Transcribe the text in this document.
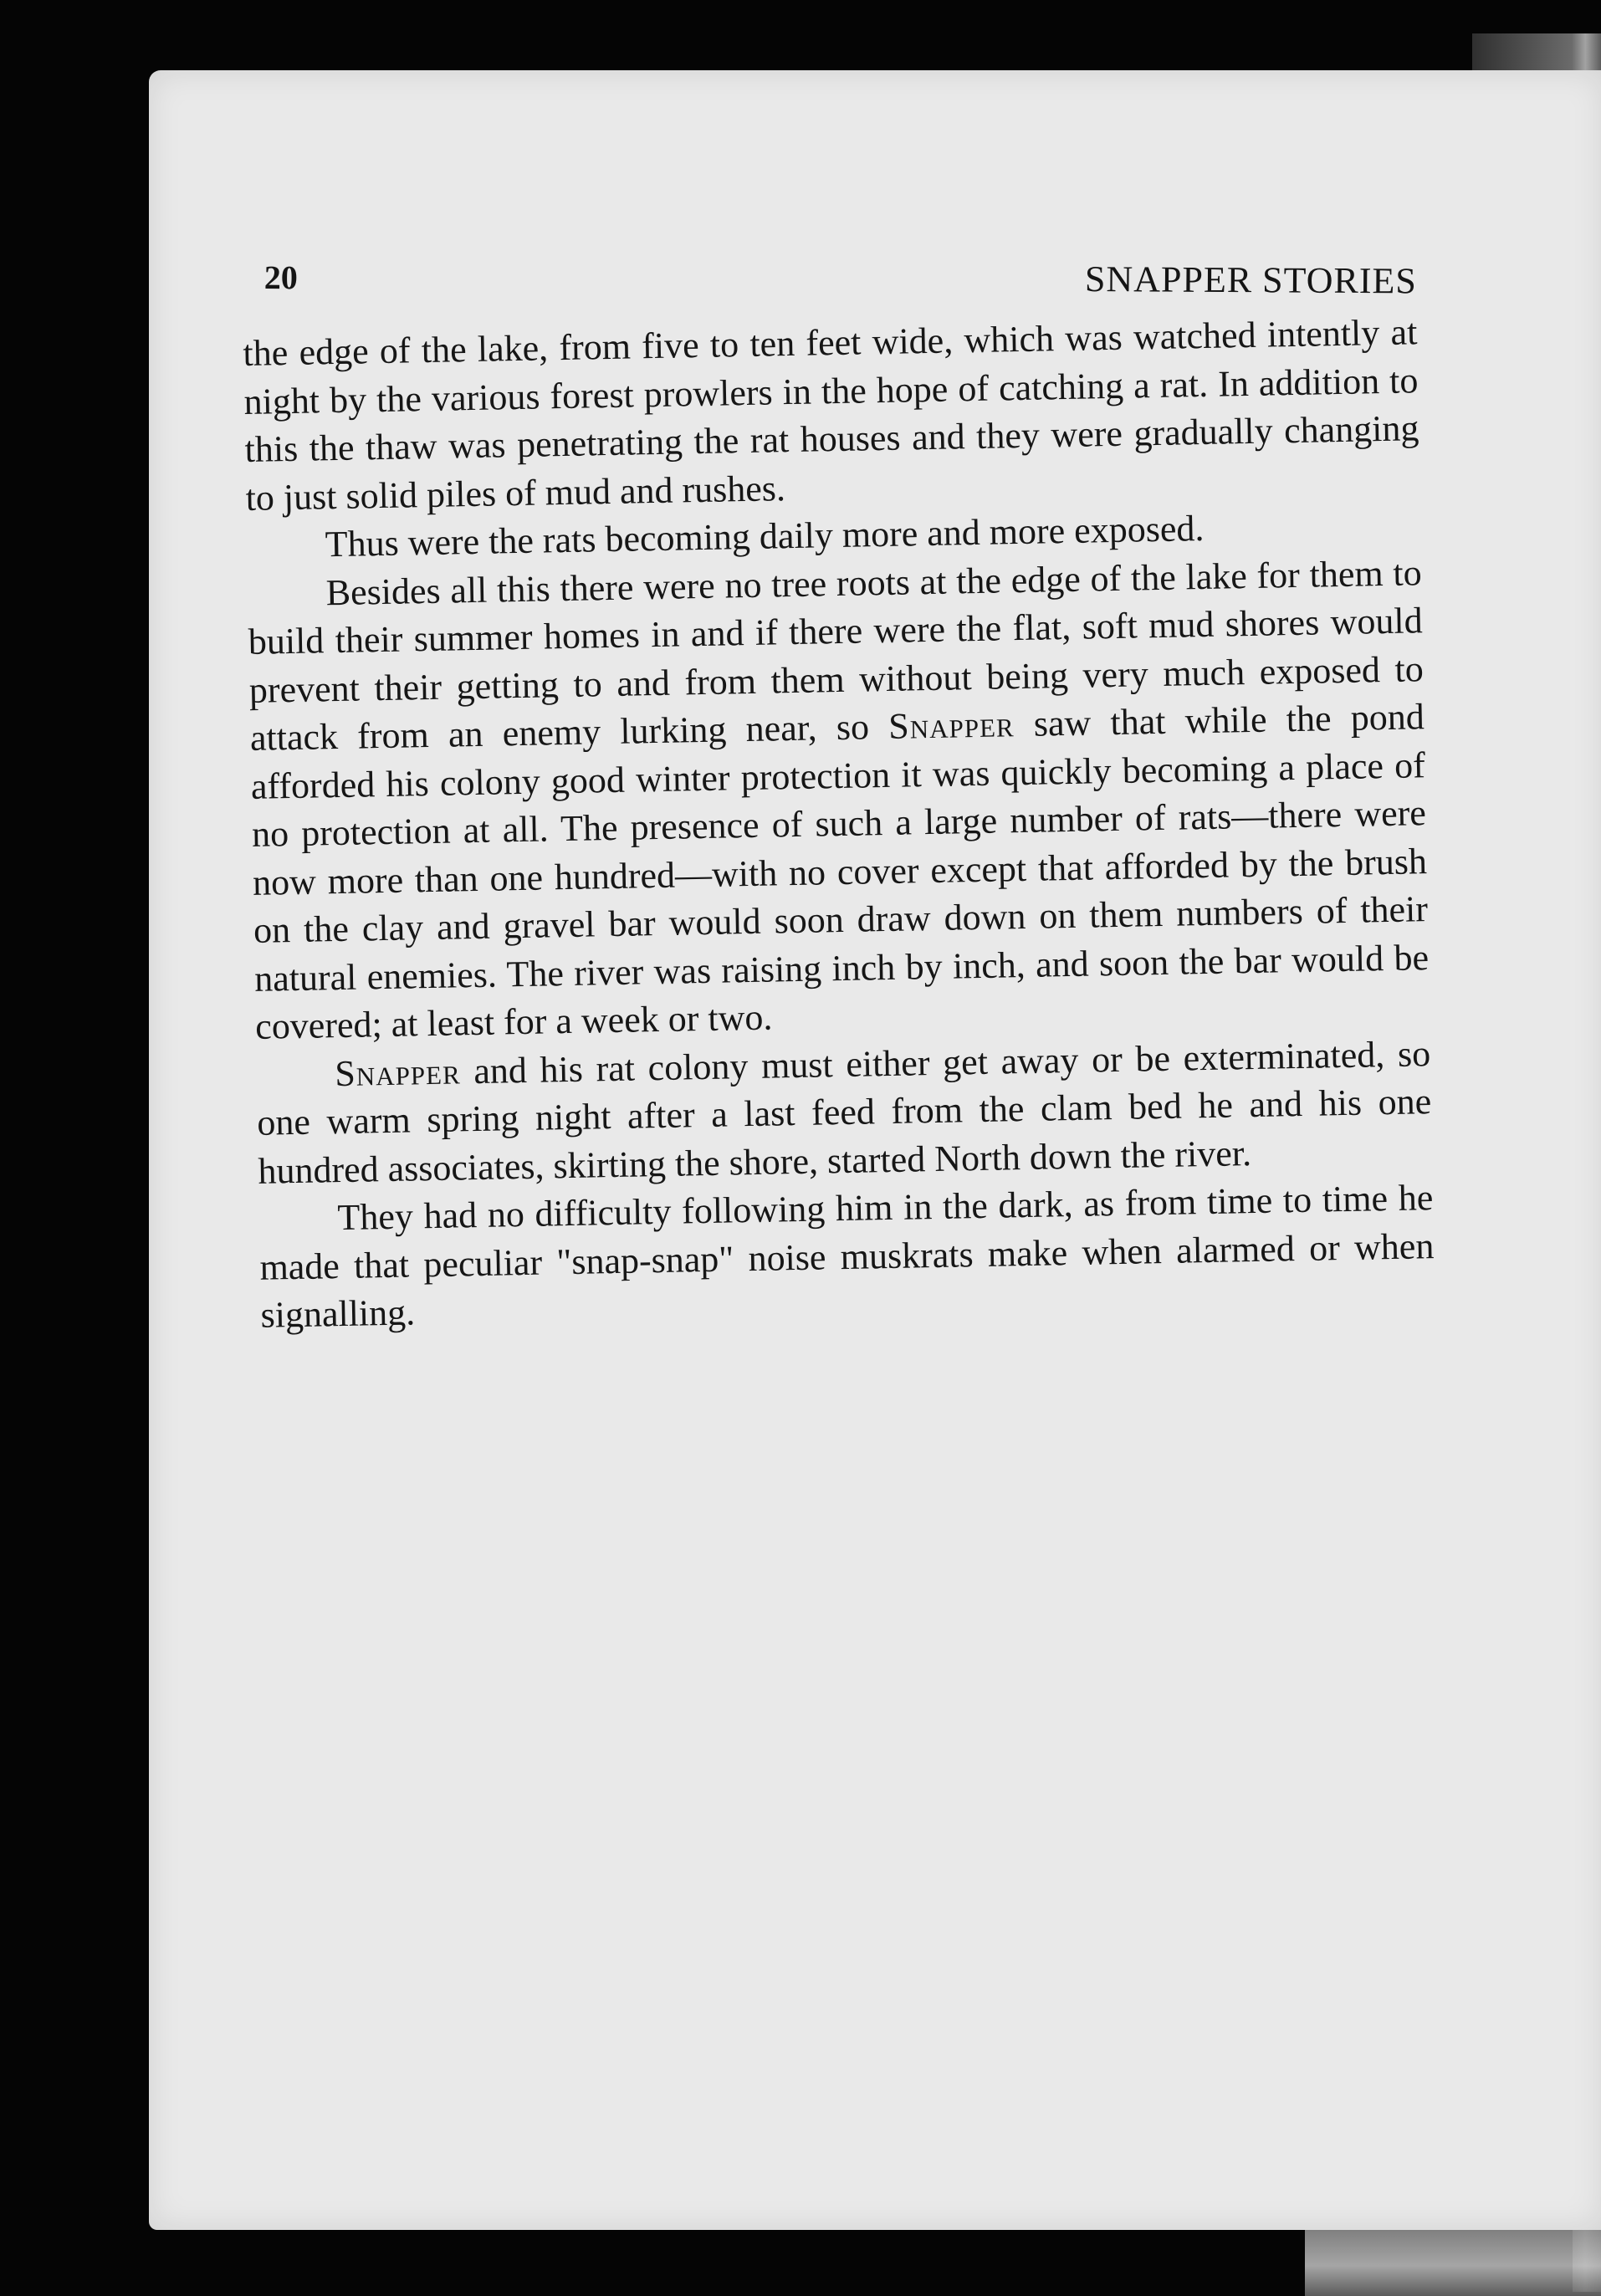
20	SNAPPER STORIES

the edge of the lake, from five to ten feet wide, which was watched intently at night by the various forest prowlers in the hope of catching a rat. In addition to this the thaw was penetrating the rat houses and they were gradually changing to just solid piles of mud and rushes.

Thus were the rats becoming daily more and more exposed.

Besides all this there were no tree roots at the edge of the lake for them to build their summer homes in and if there were the flat, soft mud shores would prevent their getting to and from them without being very much exposed to attack from an enemy lurking near, so Snapper saw that while the pond afforded his colony good winter protection it was quickly becoming a place of no protection at all. The presence of such a large number of rats—there were now more than one hundred—with no cover except that afforded by the brush on the clay and gravel bar would soon draw down on them numbers of their natural enemies. The river was raising inch by inch, and soon the bar would be covered; at least for a week or two.

Snapper and his rat colony must either get away or be exterminated, so one warm spring night after a last feed from the clam bed he and his one hundred associates, skirting the shore, started North down the river.

They had no difficulty following him in the dark, as from time to time he made that peculiar "snap-snap" noise muskrats make when alarmed or when signalling.
